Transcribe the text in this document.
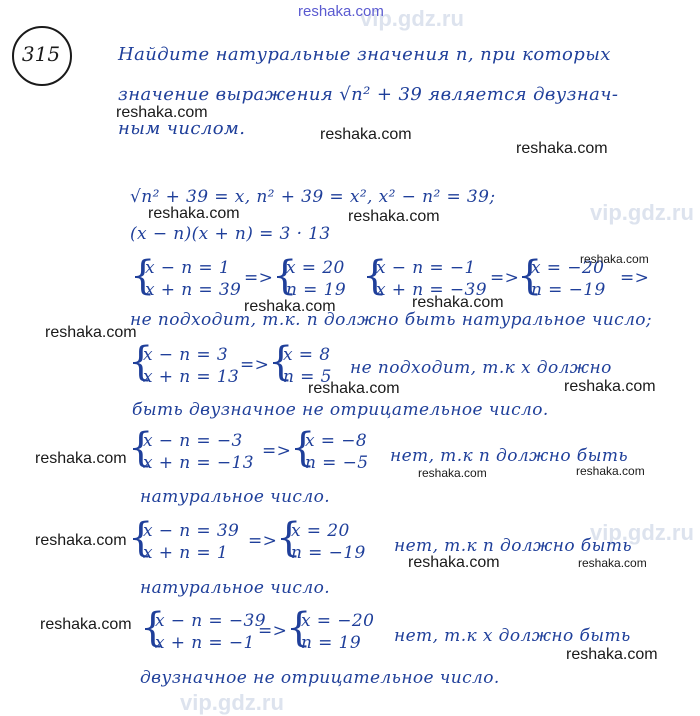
vip.gdz.ru
vip.gdz.ru
vip.gdz.ru
vip.gdz.ru
reshaka.com
315	Найдите натуральные значения n, при которых
значение выражения √n² + 39 является двузнач-
ным числом.
√n² + 39 = x, n² + 39 = x², x² − n² = 39;
(x − n)(x + n) = 3 · 13
{
x − n = 1
x + n = 39
=>
{
x = 20
n = 19 {
x − n = −1
x + n = −39
=>
{
x = −20
n = −19
=>
не подходит, т.к. n должно быть натуральное число;
{
x − n = 3
x + n = 13
=>
{
x = 8
n = 5 не подходит, т.к x должно
быть двузначное не отрицательное число.
{
x − n = −3
x + n = −13
=>
{
x = −8
n = −5 нет, т.к n должно быть
натуральное число.
{
x − n = 39
x + n = 1
=>
{
x = 20
n = −19 нет, т.к n должно быть
натуральное число.
{
x − n = −39
x + n = −1
=>
{
x = −20
n = 19 нет, т.к x должно быть
двузначное не отрицательное число.
reshaka.com
reshaka.com
reshaka.com
reshaka.com	reshaka.com
reshaka.com
reshaka.com	reshaka.com
reshaka.com
reshaka.com	reshaka.com
reshaka.com
reshaka.com	reshaka.com
reshaka.com
reshaka.com	reshaka.com
reshaka.com
reshaka.com
